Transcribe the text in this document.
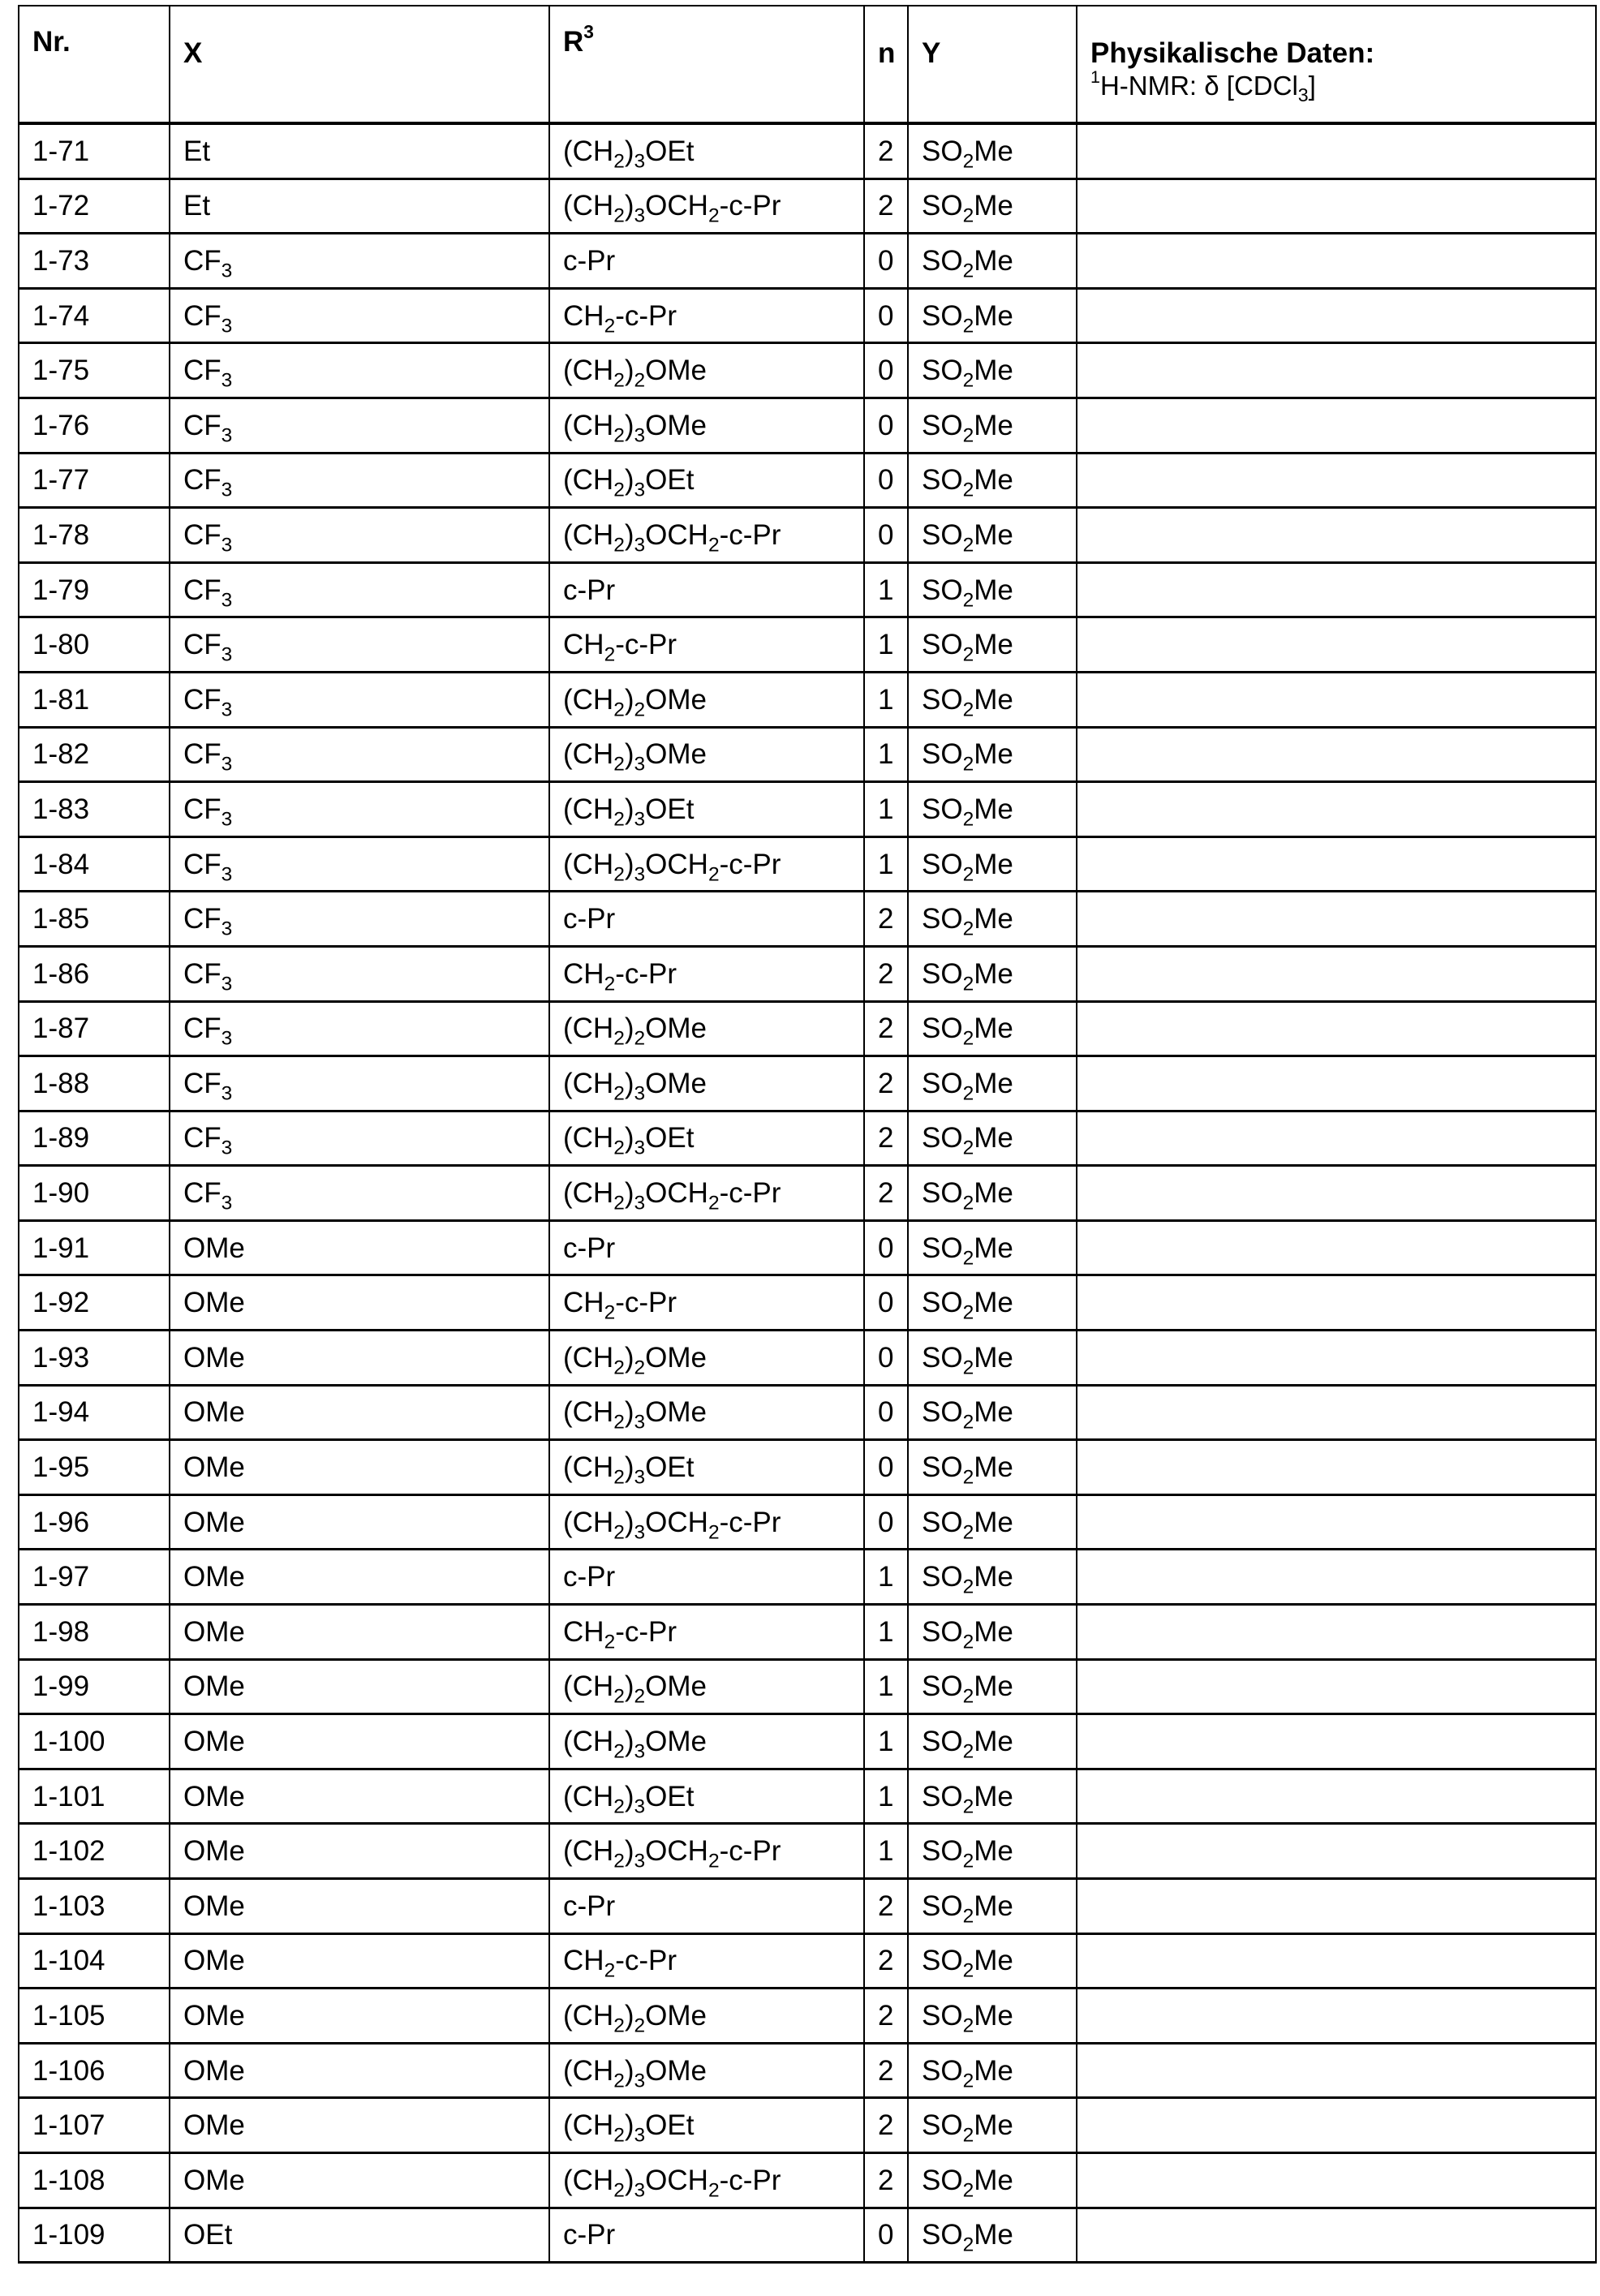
Nr.	X	$R^3$	n	Y	Physikalische Daten:
$^1$H-NMR: δ [CDCl$_3$]

1-71	Et	$(CH_2)_3OEt$	2	$SO_2Me$	
1-72	Et	$(CH_2)_3OCH_2-c-Pr$	2	$SO_2Me$	
1-73	$CF_3$	c-Pr	0	$SO_2Me$	
1-74	$CF_3$	$CH_2-c-Pr$	0	$SO_2Me$	
1-75	$CF_3$	$(CH_2)_2OMe$	0	$SO_2Me$	
1-76	$CF_3$	$(CH_2)_3OMe$	0	$SO_2Me$	
1-77	$CF_3$	$(CH_2)_3OEt$	0	$SO_2Me$	
1-78	$CF_3$	$(CH_2)_3OCH_2-c-Pr$	0	$SO_2Me$	
1-79	$CF_3$	c-Pr	1	$SO_2Me$	
1-80	$CF_3$	$CH_2-c-Pr$	1	$SO_2Me$	
1-81	$CF_3$	$(CH_2)_2OMe$	1	$SO_2Me$	
1-82	$CF_3$	$(CH_2)_3OMe$	1	$SO_2Me$	
1-83	$CF_3$	$(CH_2)_3OEt$	1	$SO_2Me$	
1-84	$CF_3$	$(CH_2)_3OCH_2-c-Pr$	1	$SO_2Me$	
1-85	$CF_3$	c-Pr	2	$SO_2Me$	
1-86	$CF_3$	$CH_2-c-Pr$	2	$SO_2Me$	
1-87	$CF_3$	$(CH_2)_2OMe$	2	$SO_2Me$	
1-88	$CF_3$	$(CH_2)_3OMe$	2	$SO_2Me$	
1-89	$CF_3$	$(CH_2)_3OEt$	2	$SO_2Me$	
1-90	$CF_3$	$(CH_2)_3OCH_2-c-Pr$	2	$SO_2Me$	
1-91	OMe	c-Pr	0	$SO_2Me$	
1-92	OMe	$CH_2-c-Pr$	0	$SO_2Me$	
1-93	OMe	$(CH_2)_2OMe$	0	$SO_2Me$	
1-94	OMe	$(CH_2)_3OMe$	0	$SO_2Me$	
1-95	OMe	$(CH_2)_3OEt$	0	$SO_2Me$	
1-96	OMe	$(CH_2)_3OCH_2-c-Pr$	0	$SO_2Me$	
1-97	OMe	c-Pr	1	$SO_2Me$	
1-98	OMe	$CH_2-c-Pr$	1	$SO_2Me$	
1-99	OMe	$(CH_2)_2OMe$	1	$SO_2Me$	
1-100	OMe	$(CH_2)_3OMe$	1	$SO_2Me$	
1-101	OMe	$(CH_2)_3OEt$	1	$SO_2Me$	
1-102	OMe	$(CH_2)_3OCH_2-c-Pr$	1	$SO_2Me$	
1-103	OMe	c-Pr	2	$SO_2Me$	
1-104	OMe	$CH_2-c-Pr$	2	$SO_2Me$	
1-105	OMe	$(CH_2)_2OMe$	2	$SO_2Me$	
1-106	OMe	$(CH_2)_3OMe$	2	$SO_2Me$	
1-107	OMe	$(CH_2)_3OEt$	2	$SO_2Me$	
1-108	OMe	$(CH_2)_3OCH_2-c-Pr$	2	$SO_2Me$	
1-109	OEt	c-Pr	0	$SO_2Me$	
